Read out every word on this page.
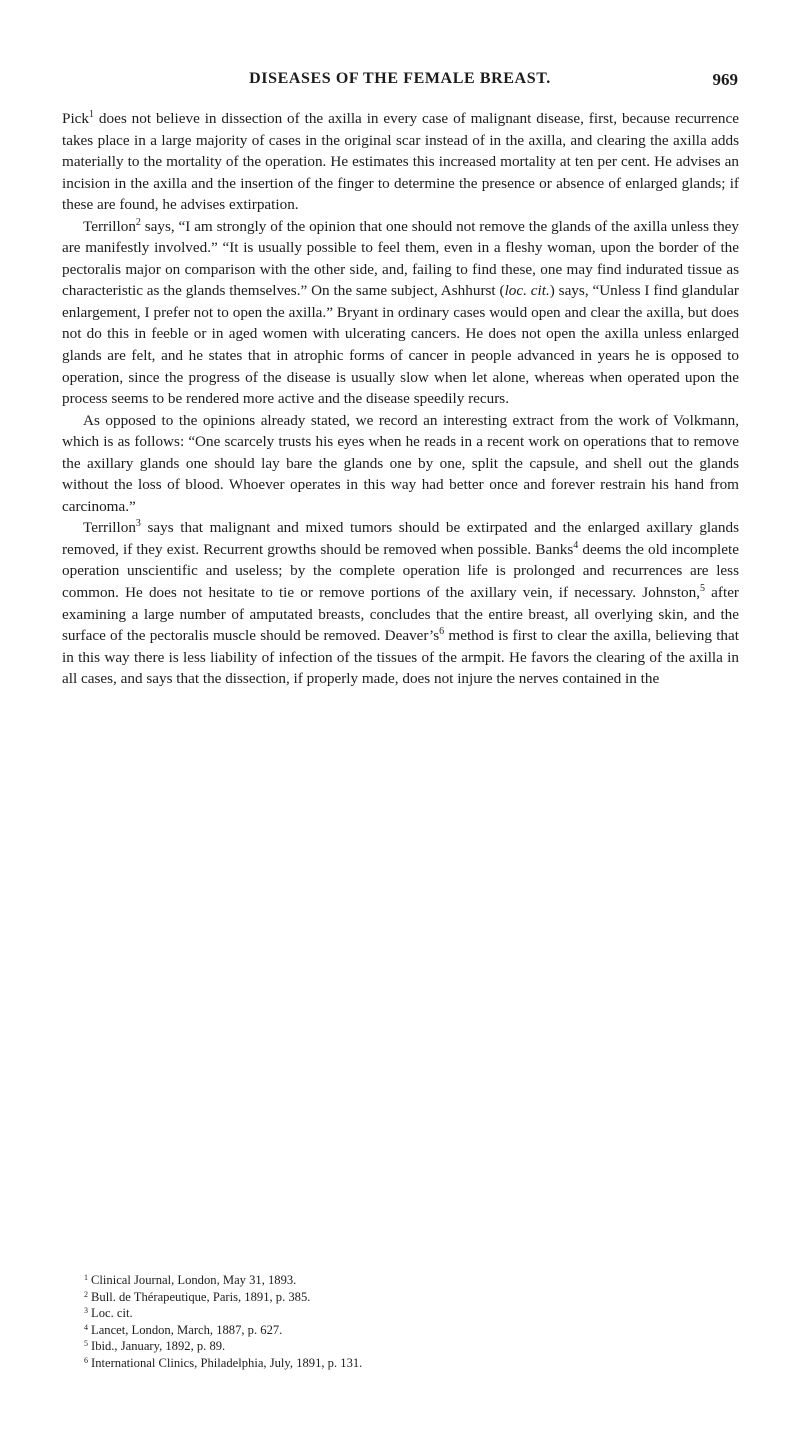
DISEASES OF THE FEMALE BREAST.	969

Pick$^1$ does not believe in dissection of the axilla in every case of malignant disease, first, because recurrence takes place in a large majority of cases in the original scar instead of in the axilla, and clearing the axilla adds materially to the mortality of the operation. He estimates this increased mortality at ten per cent. He advises an incision in the axilla and the insertion of the finger to determine the presence or absence of enlarged glands; if these are found, he advises extirpation.

Terrillon$^2$ says, “I am strongly of the opinion that one should not remove the glands of the axilla unless they are manifestly involved.” “It is usually possible to feel them, even in a fleshy woman, upon the border of the pectoralis major on comparison with the other side, and, failing to find these, one may find indurated tissue as characteristic as the glands themselves.” On the same subject, Ashhurst (loc. cit.) says, “Unless I find glandular enlargement, I prefer not to open the axilla.” Bryant in ordinary cases would open and clear the axilla, but does not do this in feeble or in aged women with ulcerating cancers. He does not open the axilla unless enlarged glands are felt, and he states that in atrophic forms of cancer in people advanced in years he is opposed to operation, since the progress of the disease is usually slow when let alone, whereas when operated upon the process seems to be rendered more active and the disease speedily recurs.

As opposed to the opinions already stated, we record an interesting extract from the work of Volkmann, which is as follows: “One scarcely trusts his eyes when he reads in a recent work on operations that to remove the axillary glands one should lay bare the glands one by one, split the capsule, and shell out the glands without the loss of blood. Whoever operates in this way had better once and forever restrain his hand from carcinoma.”

Terrillon$^3$ says that malignant and mixed tumors should be extirpated and the enlarged axillary glands removed, if they exist. Recurrent growths should be removed when possible. Banks$^4$ deems the old incomplete operation unscientific and useless; by the complete operation life is prolonged and recurrences are less common. He does not hesitate to tie or remove portions of the axillary vein, if necessary. Johnston,$^5$ after examining a large number of amputated breasts, concludes that the entire breast, all overlying skin, and the surface of the pectoralis muscle should be removed. $Deaver’s^6$ method is first to clear the axilla, believing that in this way there is less liability of infection of the tissues of the armpit. He favors the clearing of the axilla in all cases, and says that the dissection, if properly made, does not injure the nerves contained in the

$^1$ Clinical Journal, London, May 31, 1893.
$^2$ Bull. de Thérapeutique, Paris, 1891, p. 385.
$^3$ Loc. cit.
$^4$ Lancet, London, March, 1887, p. 627.
$^5$ Ibid., January, 1892, p. 89.
$^6$ International Clinics, Philadelphia, July, 1891, p. 131.
